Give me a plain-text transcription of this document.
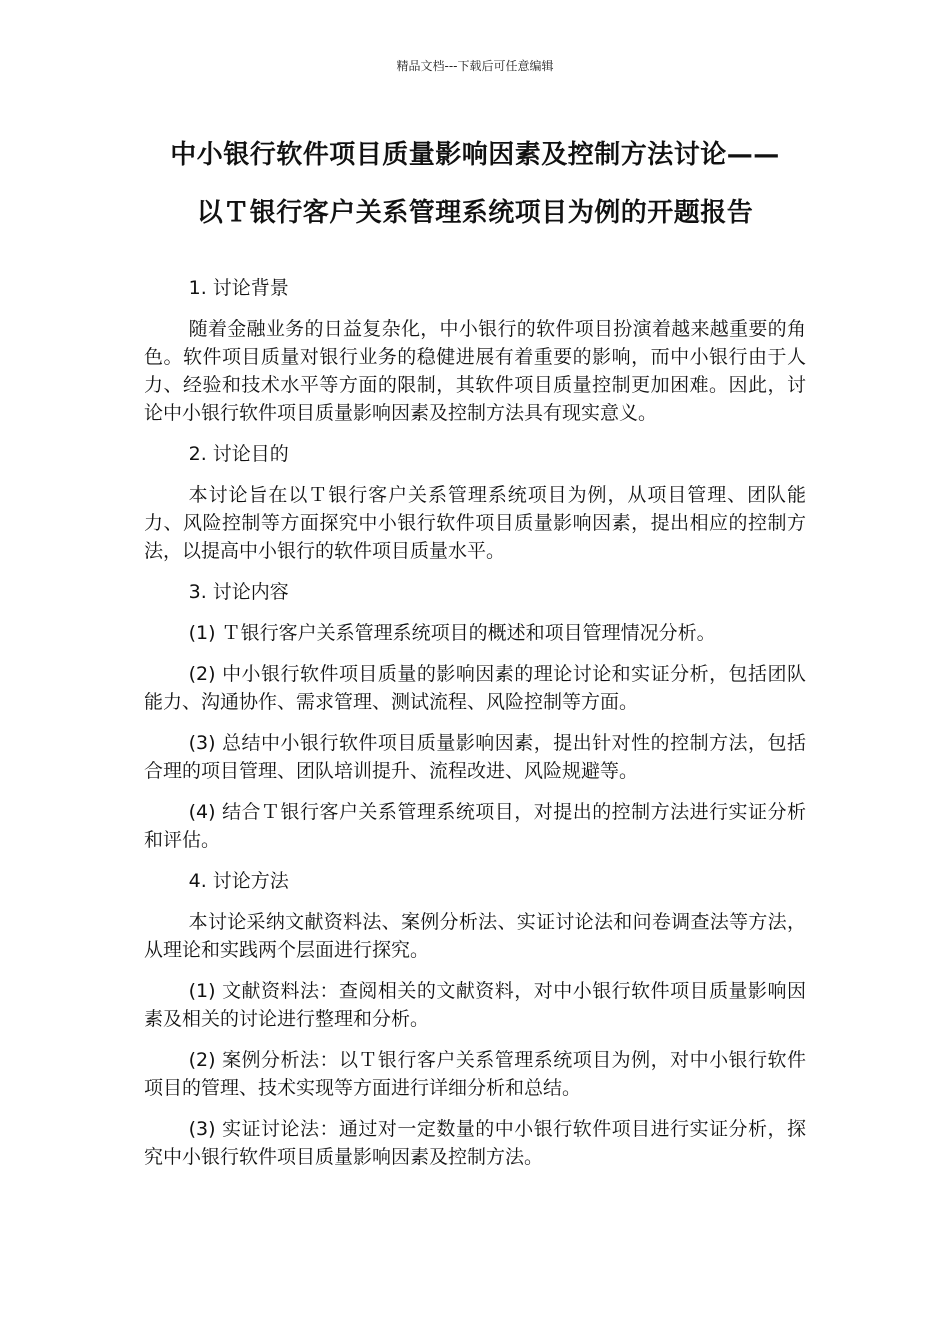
精品文档---下载后可任意编辑
中小银行软件项目质量影响因素及控制方法讨论——
以Ｔ银行客户关系管理系统项目为例的开题报告

1. 讨论背景

随着金融业务的日益复杂化，中小银行的软件项目扮演着越来越重要的角色。软件项目质量对银行业务的稳健进展有着重要的影响，而中小银行由于人力、经验和技术水平等方面的限制，其软件项目质量控制更加困难。因此，讨论中小银行软件项目质量影响因素及控制方法具有现实意义。

2. 讨论目的

本讨论旨在以Ｔ银行客户关系管理系统项目为例，从项目管理、团队能力、风险控制等方面探究中小银行软件项目质量影响因素，提出相应的控制方法，以提高中小银行的软件项目质量水平。

3. 讨论内容

(1) Ｔ银行客户关系管理系统项目的概述和项目管理情况分析。

(2) 中小银行软件项目质量的影响因素的理论讨论和实证分析，包括团队能力、沟通协作、需求管理、测试流程、风险控制等方面。

(3) 总结中小银行软件项目质量影响因素，提出针对性的控制方法，包括合理的项目管理、团队培训提升、流程改进、风险规避等。

(4) 结合Ｔ银行客户关系管理系统项目，对提出的控制方法进行实证分析和评估。

4. 讨论方法

本讨论采纳文献资料法、案例分析法、实证讨论法和问卷调查法等方法，从理论和实践两个层面进行探究。

(1) 文献资料法：查阅相关的文献资料，对中小银行软件项目质量影响因素及相关的讨论进行整理和分析。

(2) 案例分析法：以Ｔ银行客户关系管理系统项目为例，对中小银行软件项目的管理、技术实现等方面进行详细分析和总结。

(3) 实证讨论法：通过对一定数量的中小银行软件项目进行实证分析，探究中小银行软件项目质量影响因素及控制方法。
